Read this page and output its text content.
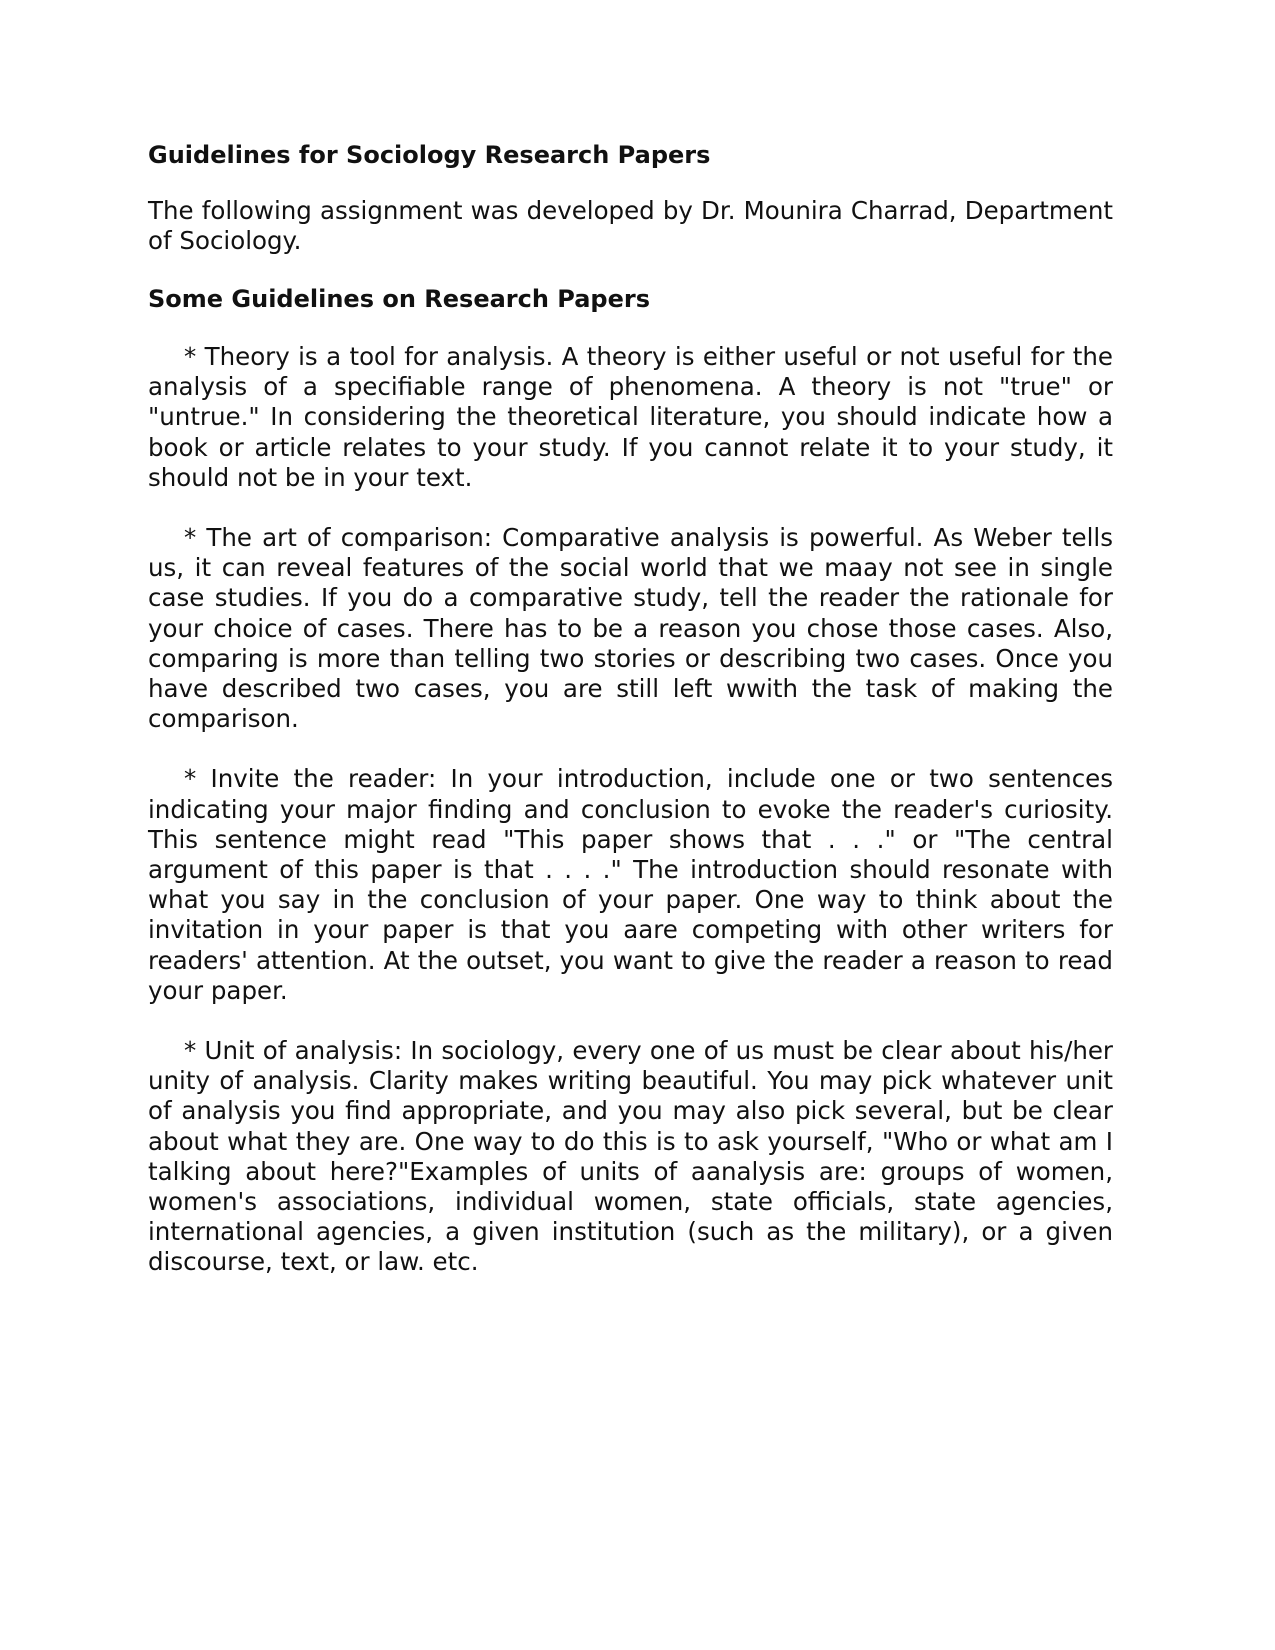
Guidelines for Sociology Research Papers
The following assignment was developed by Dr. Mounira Charrad, Department of Sociology.
Some Guidelines on Research Papers
* Theory is a tool for analysis. A theory is either useful or not useful for the analysis of a specifiable range of phenomena. A theory is not "true" or "untrue." In considering the theoretical literature, you should indicate how a book or article relates to your study. If you cannot relate it to your study, it should not be in your text.
* The art of comparison: Comparative analysis is powerful. As Weber tells us, it can reveal features of the social world that we maay not see in single case studies. If you do a comparative study, tell the reader the rationale for your choice of cases. There has to be a reason you chose those cases. Also, comparing is more than telling two stories or describing two cases. Once you have described two cases, you are still left wwith the task of making the comparison.
* Invite the reader: In your introduction, include one or two sentences indicating your major finding and conclusion to evoke the reader's curiosity. This sentence might read "This paper shows that . . ." or "The central argument of this paper is that . . . ." The introduction should resonate with what you say in the conclusion of your paper. One way to think about the invitation in your paper is that you aare competing with other writers for readers' attention. At the outset, you want to give the reader a reason to read your paper.
* Unit of analysis: In sociology, every one of us must be clear about his/her unity of analysis. Clarity makes writing beautiful. You may pick whatever unit of analysis you find appropriate, and you may also pick several, but be clear about what they are. One way to do this is to ask yourself, "Who or what am I talking about here?"Examples of units of aanalysis are: groups of women, women's associations, individual women, state officials, state agencies, international agencies, a given institution (such as the military), or a given discourse, text, or law. etc.
